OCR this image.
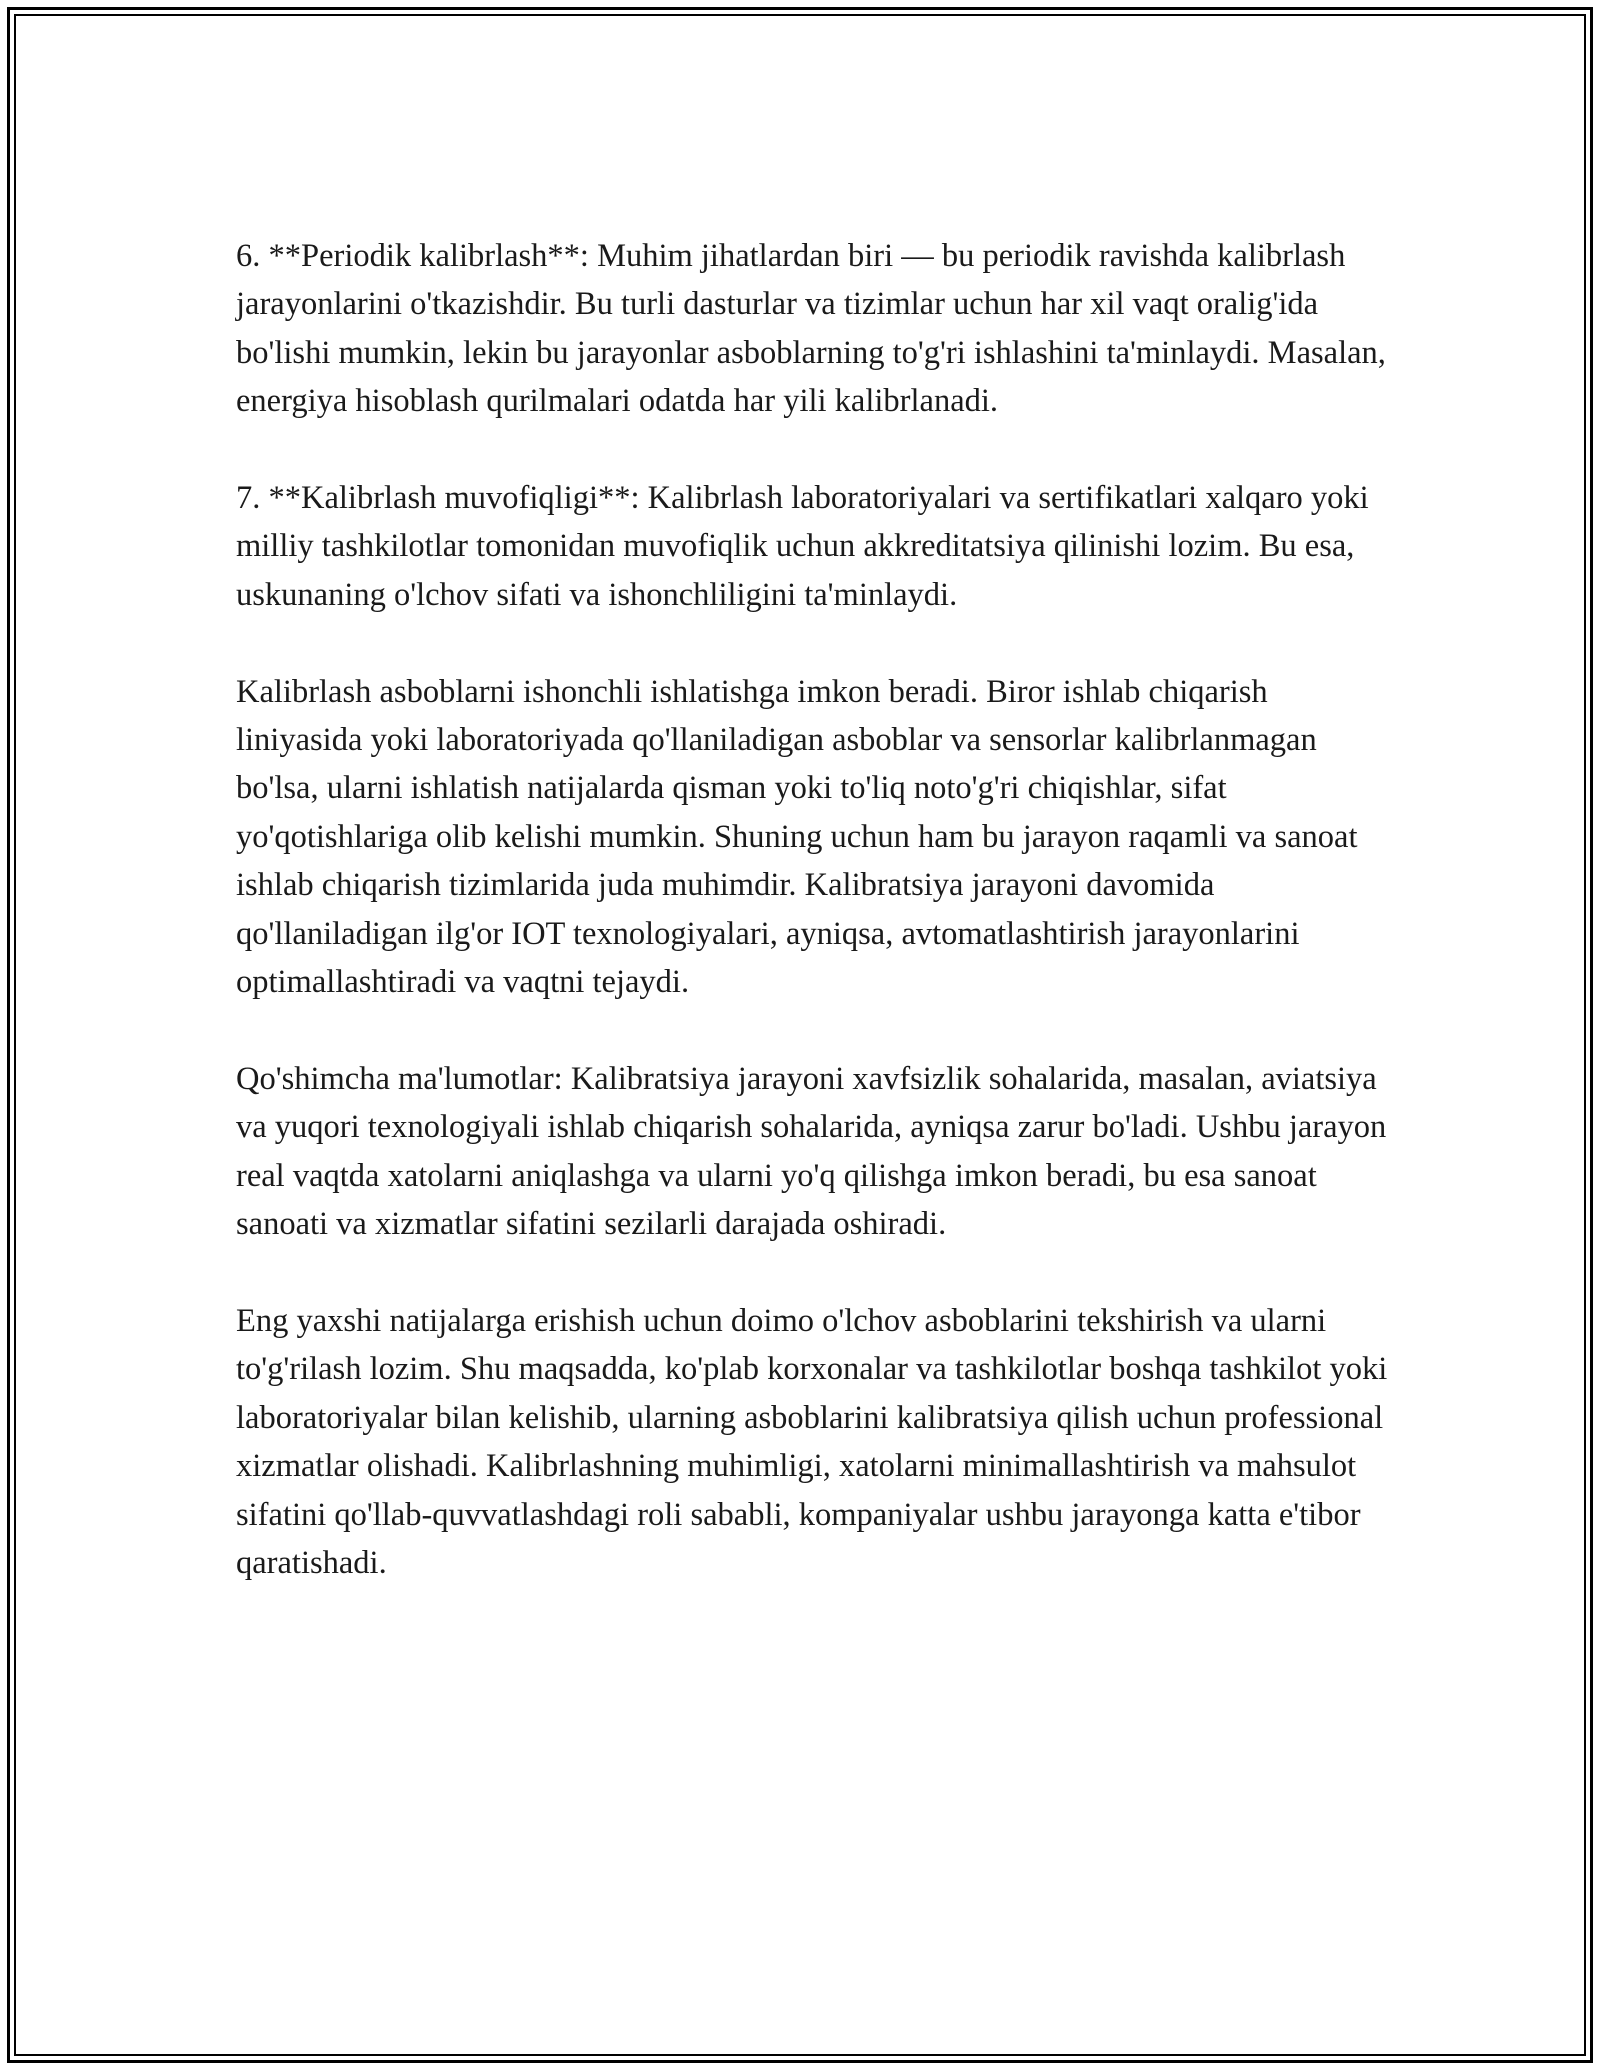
6. **Periodik kalibrlash**: Muhim jihatlardan biri — bu periodik ravishda kalibrlash jarayonlarini o'tkazishdir. Bu turli dasturlar va tizimlar uchun har xil vaqt oralig'ida bo'lishi mumkin, lekin bu jarayonlar asboblarning to'g'ri ishlashini ta'minlaydi. Masalan, energiya hisoblash qurilmalari odatda har yili kalibrlanadi.

7. **Kalibrlash muvofiqligi**: Kalibrlash laboratoriyalari va sertifikatlari xalqaro yoki milliy tashkilotlar tomonidan muvofiqlik uchun akkreditatsiya qilinishi lozim. Bu esa, uskunaning o'lchov sifati va ishonchliligini ta'minlaydi.

Kalibrlash asboblarni ishonchli ishlatishga imkon beradi. Biror ishlab chiqarish liniyasida yoki laboratoriyada qo'llaniladigan asboblar va sensorlar kalibrlanmagan bo'lsa, ularni ishlatish natijalarda qisman yoki to'liq noto'g'ri chiqishlar, sifat yo'qotishlariga olib kelishi mumkin. Shuning uchun ham bu jarayon raqamli va sanoat ishlab chiqarish tizimlarida juda muhimdir. Kalibratsiya jarayoni davomida qo'llaniladigan ilg'or IOT texnologiyalari, ayniqsa, avtomatlashtirish jarayonlarini optimallashtiradi va vaqtni tejaydi.

Qo'shimcha ma'lumotlar: Kalibratsiya jarayoni xavfsizlik sohalarida, masalan, aviatsiya va yuqori texnologiyali ishlab chiqarish sohalarida, ayniqsa zarur bo'ladi. Ushbu jarayon real vaqtda xatolarni aniqlashga va ularni yo'q qilishga imkon beradi, bu esa sanoat sanoati va xizmatlar sifatini sezilarli darajada oshiradi.

Eng yaxshi natijalarga erishish uchun doimo o'lchov asboblarini tekshirish va ularni to'g'rilash lozim. Shu maqsadda, ko'plab korxonalar va tashkilotlar boshqa tashkilot yoki laboratoriyalar bilan kelishib, ularning asboblarini kalibratsiya qilish uchun professional xizmatlar olishadi. Kalibrlashning muhimligi, xatolarni minimallashtirish va mahsulot sifatini qo'llab-quvvatlashdagi roli sababli, kompaniyalar ushbu jarayonga katta e'tibor qaratishadi.
